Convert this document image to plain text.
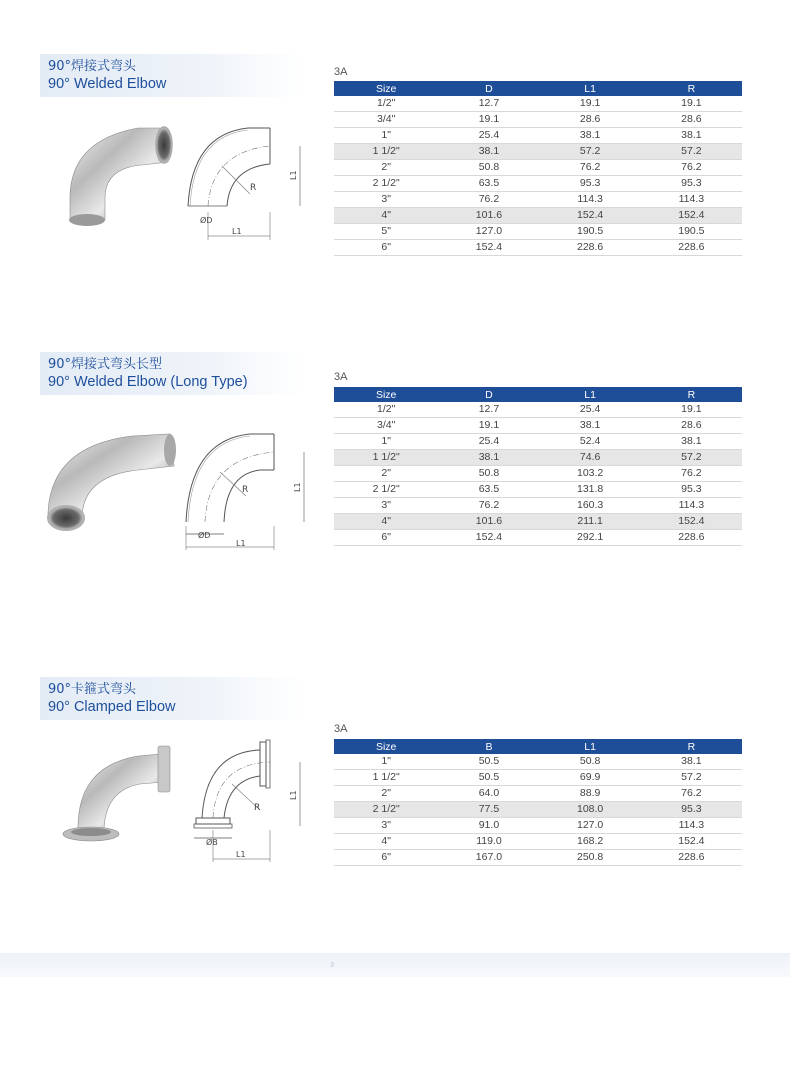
90°焊接式弯头
90° Welded Elbow
R
ØD
L1
L1
3A
Size	D	L1	R
1/2"	12.7	19.1	19.1
3/4"	19.1	28.6	28.6
1"	25.4	38.1	38.1
1 1/2"	38.1	57.2	57.2
2"	50.8	76.2	76.2
2 1/2"	63.5	95.3	95.3
3"	76.2	114.3	114.3
4"	101.6	152.4	152.4
5"	127.0	190.5	190.5
6"	152.4	228.6	228.6
90°焊接式弯头长型
90° Welded Elbow (Long Type)
R
ØD
L1
L1
3A
Size	D	L1	R
1/2"	12.7	25.4	19.1
3/4"	19.1	38.1	28.6
1"	25.4	52.4	38.1
1 1/2"	38.1	74.6	57.2
2"	50.8	103.2	76.2
2 1/2"	63.5	131.8	95.3
3"	76.2	160.3	114.3
4"	101.6	211.1	152.4
6"	152.4	292.1	228.6
90°卡箍式弯头
90° Clamped Elbow
R
ØB
L1
L1
3A
Size	B	L1	R
1"	50.5	50.8	38.1
1 1/2"	50.5	69.9	57.2
2"	64.0	88.9	76.2
2 1/2"	77.5	108.0	95.3
3"	91.0	127.0	114.3
4"	119.0	168.2	152.4
6"	167.0	250.8	228.6
3
